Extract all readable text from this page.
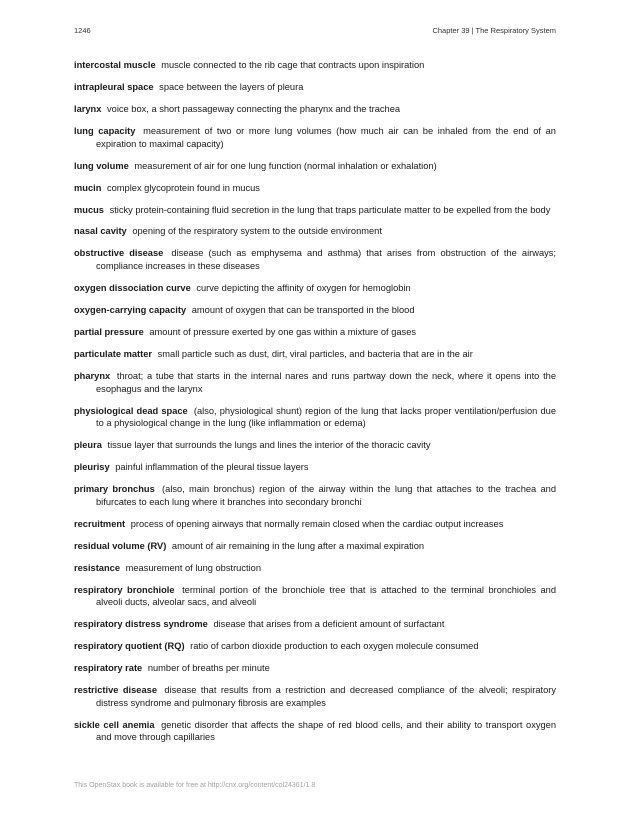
1246	Chapter 39 | The Respiratory System

intercostal muscle muscle connected to the rib cage that contracts upon inspiration

intrapleural space space between the layers of pleura

larynx voice box, a short passageway connecting the pharynx and the trachea

lung capacity measurement of two or more lung volumes (how much air can be inhaled from the end of an expiration to maximal capacity)

lung volume measurement of air for one lung function (normal inhalation or exhalation)

mucin complex glycoprotein found in mucus

mucus sticky protein-containing fluid secretion in the lung that traps particulate matter to be expelled from the body

nasal cavity opening of the respiratory system to the outside environment

obstructive disease disease (such as emphysema and asthma) that arises from obstruction of the airways; compliance increases in these diseases

oxygen dissociation curve curve depicting the affinity of oxygen for hemoglobin

oxygen-carrying capacity amount of oxygen that can be transported in the blood

partial pressure amount of pressure exerted by one gas within a mixture of gases

particulate matter small particle such as dust, dirt, viral particles, and bacteria that are in the air

pharynx throat; a tube that starts in the internal nares and runs partway down the neck, where it opens into the esophagus and the larynx

physiological dead space (also, physiological shunt) region of the lung that lacks proper ventilation/perfusion due to a physiological change in the lung (like inflammation or edema)

pleura tissue layer that surrounds the lungs and lines the interior of the thoracic cavity

pleurisy painful inflammation of the pleural tissue layers

primary bronchus (also, main bronchus) region of the airway within the lung that attaches to the trachea and bifurcates to each lung where it branches into secondary bronchi

recruitment process of opening airways that normally remain closed when the cardiac output increases

residual volume (RV) amount of air remaining in the lung after a maximal expiration

resistance measurement of lung obstruction

respiratory bronchiole terminal portion of the bronchiole tree that is attached to the terminal bronchioles and alveoli ducts, alveolar sacs, and alveoli

respiratory distress syndrome disease that arises from a deficient amount of surfactant

respiratory quotient (RQ) ratio of carbon dioxide production to each oxygen molecule consumed

respiratory rate number of breaths per minute

restrictive disease disease that results from a restriction and decreased compliance of the alveoli; respiratory distress syndrome and pulmonary fibrosis are examples

sickle cell anemia genetic disorder that affects the shape of red blood cells, and their ability to transport oxygen and move through capillaries

This OpenStax book is available for free at http://cnx.org/content/col24361/1.8
